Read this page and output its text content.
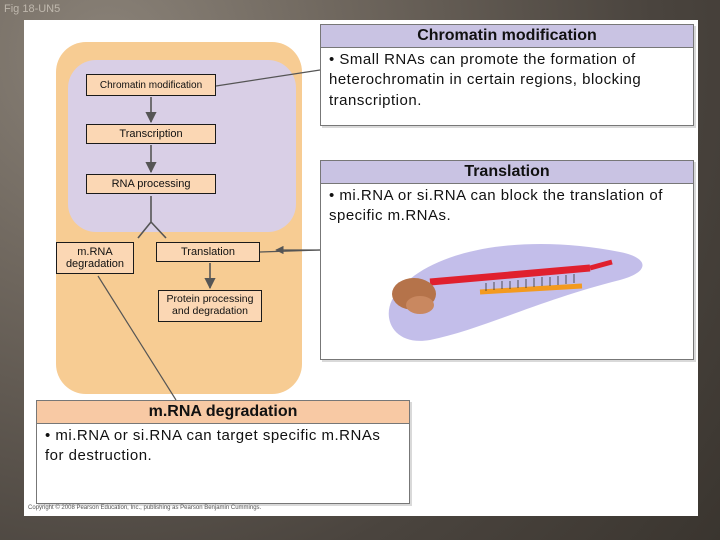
Fig 18-UN5
Chromatin modification
Transcription
RNA processing
m.RNA degradation
Translation
Protein processing and degradation
Chromatin modification
• Small RNAs can promote the formation of heterochromatin in certain regions, blocking transcription.
Translation
• mi.RNA or si.RNA can block the translation of specific m.RNAs.
m.RNA degradation
• mi.RNA or si.RNA can target specific m.RNAs for destruction.
Copyright © 2008 Pearson Education, Inc., publishing as Pearson Benjamin Cummings.
